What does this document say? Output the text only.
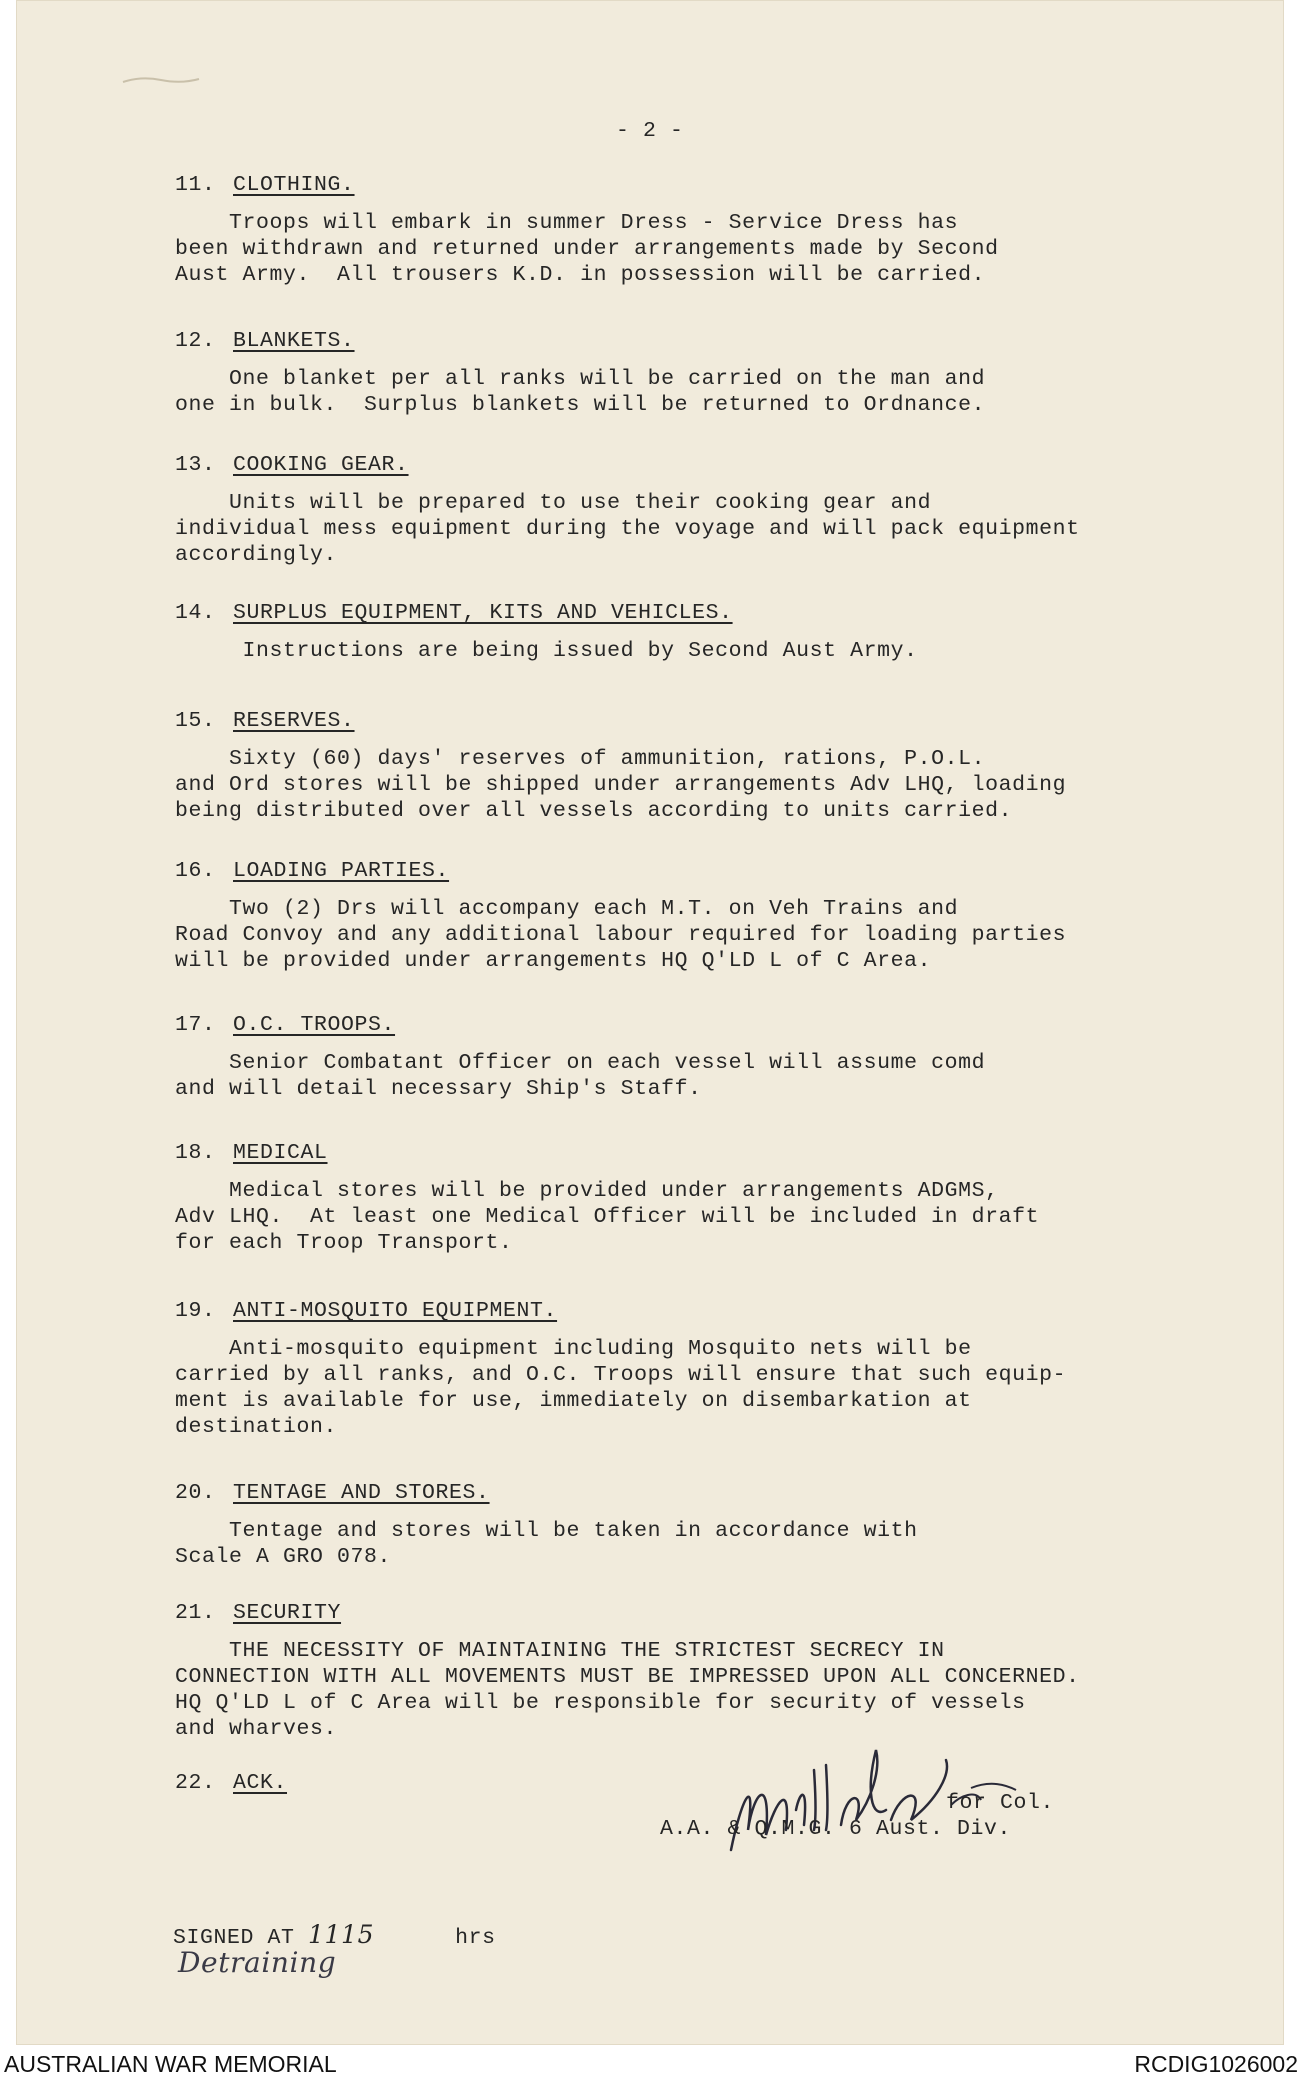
- 2 -
11. CLOTHING.

Troops will embark in summer Dress - Service Dress has

been withdrawn and returned under arrangements made by Second

Aust Army.  All trousers K.D. in possession will be carried.

12. BLANKETS.

One blanket per all ranks will be carried on the man and

one in bulk.  Surplus blankets will be returned to Ordnance.

13. COOKING GEAR.

Units will be prepared to use their cooking gear and

individual mess equipment during the voyage and will pack equipment

accordingly.

14. SURPLUS EQUIPMENT, KITS AND VEHICLES.

Instructions are being issued by Second Aust Army.

15. RESERVES.

Sixty (60) days' reserves of ammunition, rations, P.O.L.

and Ord stores will be shipped under arrangements Adv LHQ, loading

being distributed over all vessels according to units carried.

16. LOADING PARTIES.

Two (2) Drs will accompany each M.T. on Veh Trains and

Road Convoy and any additional labour required for loading parties

will be provided under arrangements HQ Q'LD L of C Area.

17. O.C. TROOPS.

Senior Combatant Officer on each vessel will assume comd

and will detail necessary Ship's Staff.

18. MEDICAL

Medical stores will be provided under arrangements ADGMS,

Adv LHQ.  At least one Medical Officer will be included in draft

for each Troop Transport.

19. ANTI-MOSQUITO EQUIPMENT.

Anti-mosquito equipment including Mosquito nets will be

carried by all ranks, and O.C. Troops will ensure that such equip-

ment is available for use, immediately on disembarkation at

destination.

20. TENTAGE AND STORES.

Tentage and stores will be taken in accordance with

Scale A GRO 078.

21. SECURITY

THE NECESSITY OF MAINTAINING THE STRICTEST SECRECY IN

CONNECTION WITH ALL MOVEMENTS MUST BE IMPRESSED UPON ALL CONCERNED.

HQ Q'LD L of C Area will be responsible for security of vessels

and wharves.

22. ACK.
for Col.
A.A. & Q.M.G. 6 Aust. Div.
SIGNED AT 1115	hrs
Detraining
AUSTRALIAN WAR MEMORIAL	RCDIG1026002
